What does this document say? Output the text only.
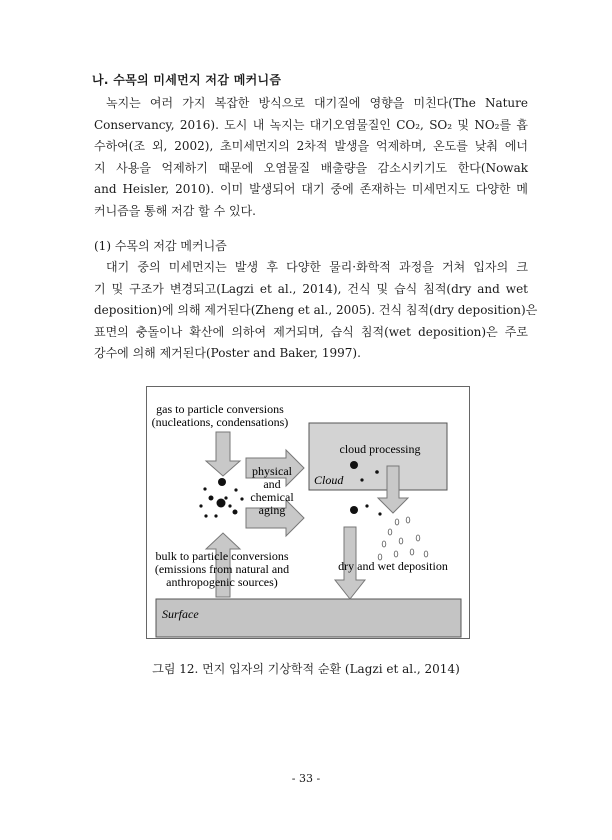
나. 수목의 미세먼지 저감 메커니즘
녹지는 여러 가지 복잡한 방식으로 대기질에 영향을 미친다(The Nature
Conservancy, 2016). 도시 내 녹지는 대기오염물질인 CO₂, SO₂ 및 NO₂를 흡
수하여(조 외, 2002), 초미세먼지의 2차적 발생을 억제하며, 온도를 낮춰 에너
지 사용을 억제하기 때문에 오염물질 배출량을 감소시키기도 한다(Nowak
and Heisler, 2010). 이미 발생되어 대기 중에 존재하는 미세먼지도 다양한 메
커니즘을 통해 저감 할 수 있다.
(1) 수목의 저감 메커니즘
대기 중의 미세먼지는 발생 후 다양한 물리·화학적 과정을 거쳐 입자의 크
기 및 구조가 변경되고(Lagzi et al., 2014), 건식 및 습식 침적(dry and wet
deposition)에 의해 제거된다(Zheng et al., 2005). 건식 침적(dry deposition)은
표면의 충돌이나 확산에 의하여 제거되며, 습식 침적(wet deposition)은 주로
강수에 의해 제거된다(Poster and Baker, 1997).
gas to particle conversions
(nucleations, condensations)
physical
and
chemical
aging
bulk to particle conversions
(emissions from natural and
anthropogenic sources)
cloud processing
Cloud
dry and wet deposition
Surface
그림 12. 먼지 입자의 기상학적 순환 (Lagzi et al., 2014)
- 33 -
